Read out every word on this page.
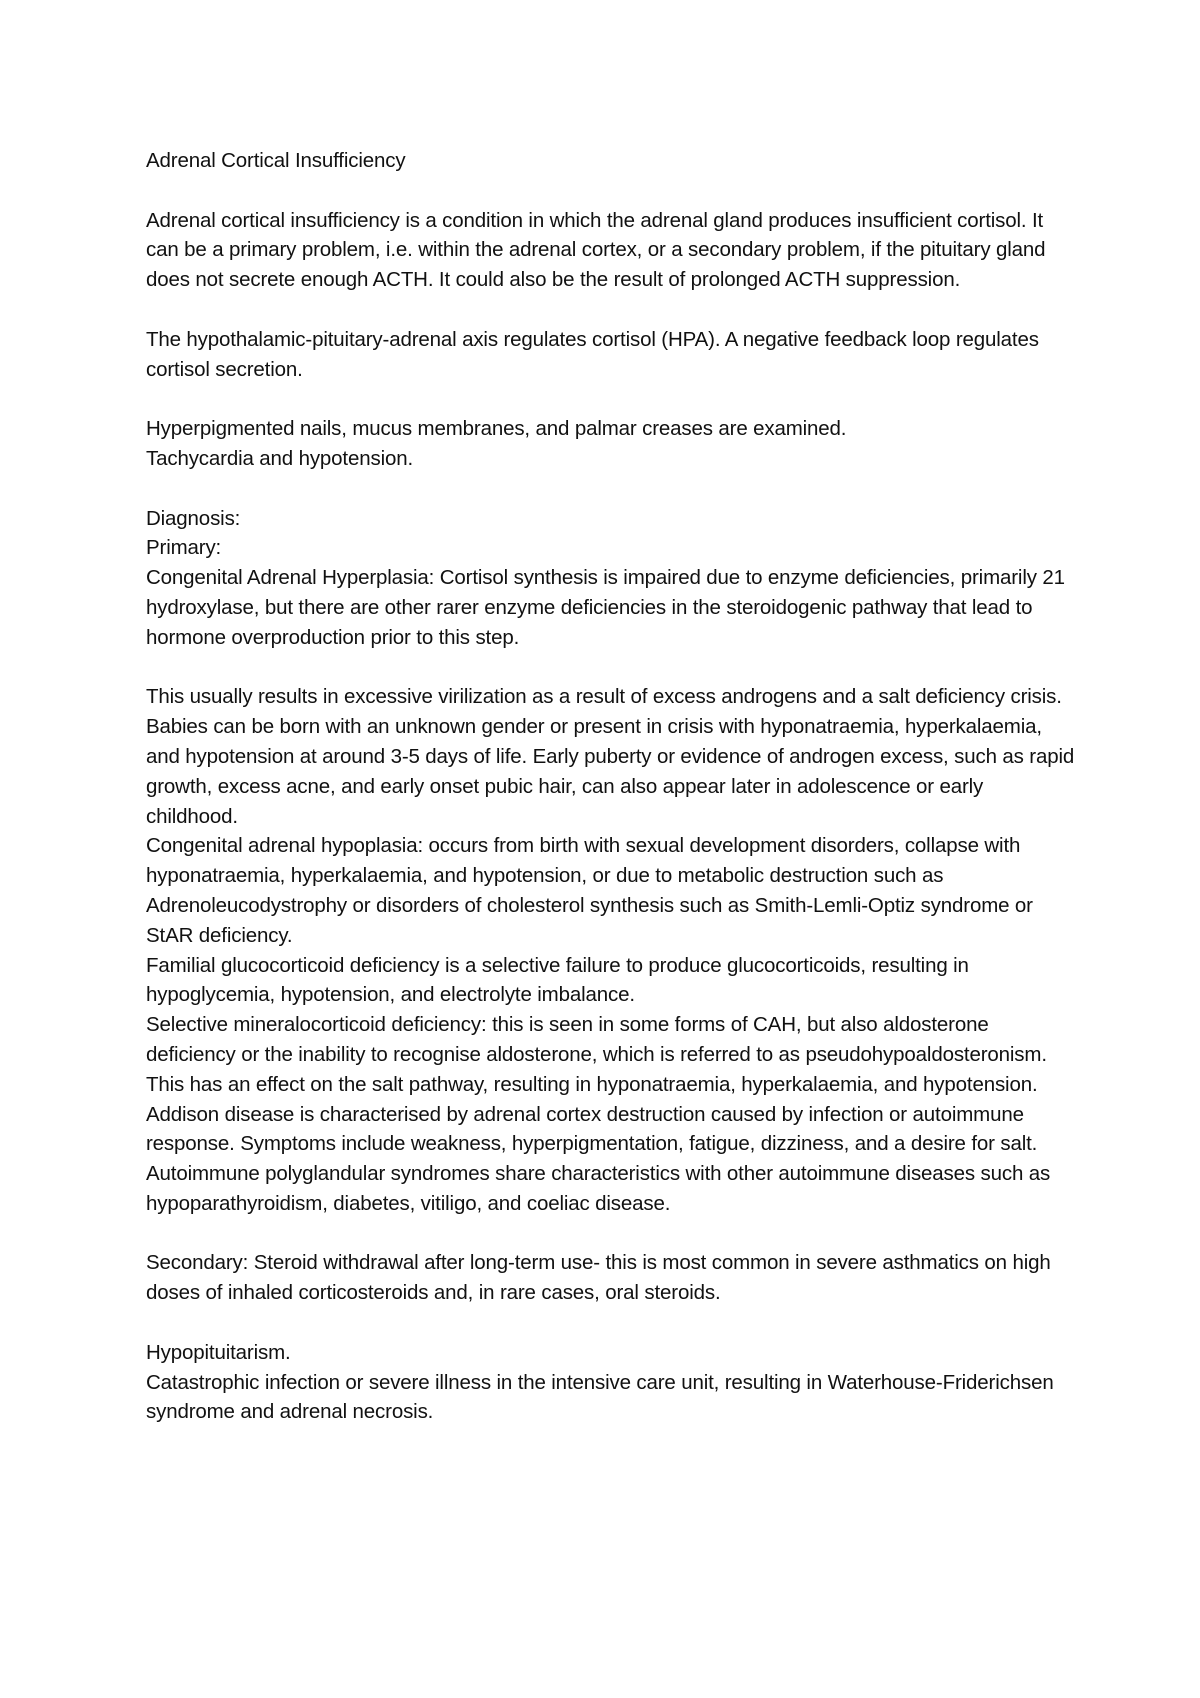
Adrenal Cortical Insufficiency

Adrenal cortical insufficiency is a condition in which the adrenal gland produces insufficient cortisol. It can be a primary problem, i.e. within the adrenal cortex, or a secondary problem, if the pituitary gland does not secrete enough ACTH. It could also be the result of prolonged ACTH suppression.

The hypothalamic-pituitary-adrenal axis regulates cortisol (HPA). A negative feedback loop regulates cortisol secretion.

Hyperpigmented nails, mucus membranes, and palmar creases are examined.

Tachycardia and hypotension.

Diagnosis:

Primary:

Congenital Adrenal Hyperplasia: Cortisol synthesis is impaired due to enzyme deficiencies, primarily 21 hydroxylase, but there are other rarer enzyme deficiencies in the steroidogenic pathway that lead to hormone overproduction prior to this step.

This usually results in excessive virilization as a result of excess androgens and a salt deficiency crisis. Babies can be born with an unknown gender or present in crisis with hyponatraemia, hyperkalaemia, and hypotension at around 3-5 days of life. Early puberty or evidence of androgen excess, such as rapid growth, excess acne, and early onset pubic hair, can also appear later in adolescence or early childhood.

Congenital adrenal hypoplasia: occurs from birth with sexual development disorders, collapse with hyponatraemia, hyperkalaemia, and hypotension, or due to metabolic destruction such as Adrenoleucodystrophy or disorders of cholesterol synthesis such as Smith-Lemli-Optiz syndrome or StAR deficiency.

Familial glucocorticoid deficiency is a selective failure to produce glucocorticoids, resulting in hypoglycemia, hypotension, and electrolyte imbalance.

Selective mineralocorticoid deficiency: this is seen in some forms of CAH, but also aldosterone deficiency or the inability to recognise aldosterone, which is referred to as pseudohypoaldosteronism. This has an effect on the salt pathway, resulting in hyponatraemia, hyperkalaemia, and hypotension.

Addison disease is characterised by adrenal cortex destruction caused by infection or autoimmune response. Symptoms include weakness, hyperpigmentation, fatigue, dizziness, and a desire for salt.

Autoimmune polyglandular syndromes share characteristics with other autoimmune diseases such as hypoparathyroidism, diabetes, vitiligo, and coeliac disease.

Secondary: Steroid withdrawal after long-term use- this is most common in severe asthmatics on high doses of inhaled corticosteroids and, in rare cases, oral steroids.

Hypopituitarism.

Catastrophic infection or severe illness in the intensive care unit, resulting in Waterhouse-Friderichsen syndrome and adrenal necrosis.
